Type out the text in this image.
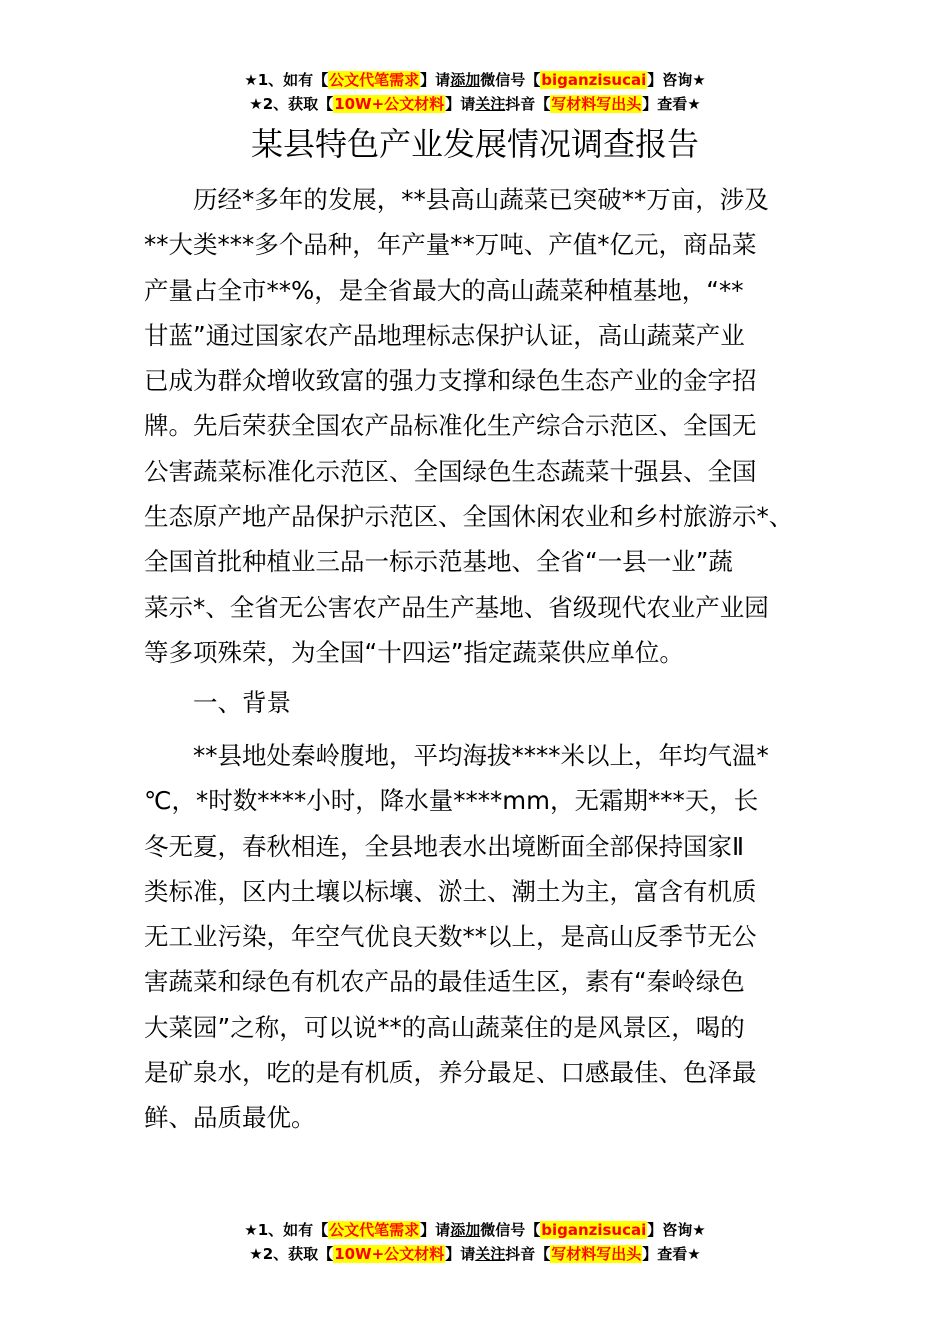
★1、如有【公文代笔需求】请添加微信号【biganzisucai】咨询★
★2、获取【10W+公文材料】请关注抖音【写材料写出头】查看★
某县特色产业发展情况调查报告
历经*多年的发展，**县高山蔬菜已突破**万亩，涉及
**大类***多个品种，年产量**万吨、产值*亿元，商品菜
产量占全市**%，是全省最大的高山蔬菜种植基地，“**
甘蓝”通过国家农产品地理标志保护认证，高山蔬菜产业
已成为群众增收致富的强力支撑和绿色生态产业的金字招
牌。先后荣获全国农产品标准化生产综合示范区、全国无
公害蔬菜标准化示范区、全国绿色生态蔬菜十强县、全国
生态原产地产品保护示范区、全国休闲农业和乡村旅游示*、
全国首批种植业三品一标示范基地、全省“一县一业”蔬
菜示*、全省无公害农产品生产基地、省级现代农业产业园
等多项殊荣，为全国“十四运”指定蔬菜供应单位。
一、背景
**县地处秦岭腹地，平均海拔****米以上，年均气温*
℃，*时数****小时，降水量****mm，无霜期***天，长
冬无夏，春秋相连，全县地表水出境断面全部保持国家Ⅱ
类标准，区内土壤以标壤、淤土、潮土为主，富含有机质
无工业污染，年空气优良天数**以上，是高山反季节无公
害蔬菜和绿色有机农产品的最佳适生区，素有“秦岭绿色
大菜园”之称，可以说**的高山蔬菜住的是风景区，喝的
是矿泉水，吃的是有机质，养分最足、口感最佳、色泽最
鲜、品质最优。
★1、如有【公文代笔需求】请添加微信号【biganzisucai】咨询★
★2、获取【10W+公文材料】请关注抖音【写材料写出头】查看★
